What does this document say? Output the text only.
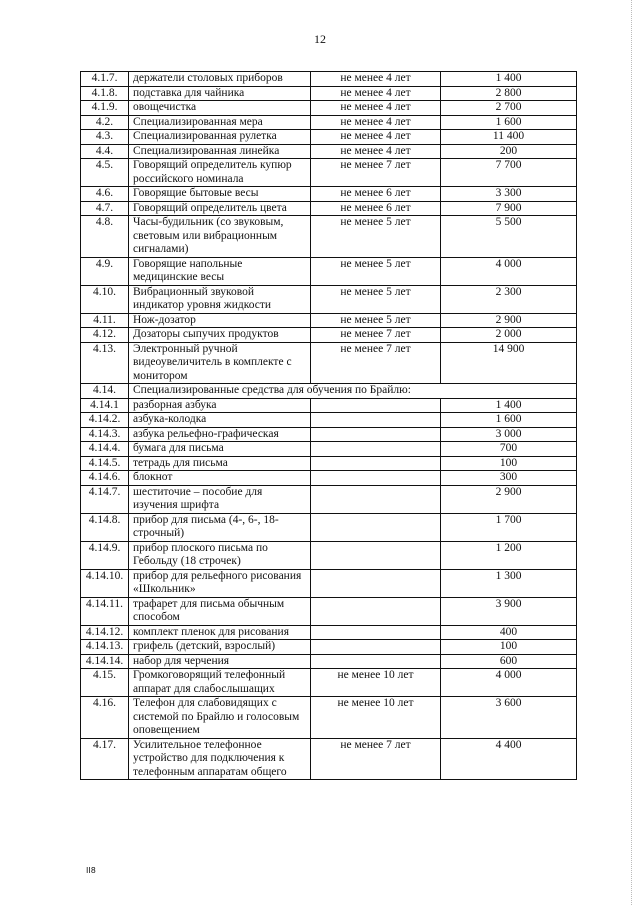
12
4.1.7.	держатели столовых приборов	не менее 4 лет	1 400
4.1.8.	подставка для чайника	не менее 4 лет	2 800
4.1.9.	овощечистка	не менее 4 лет	2 700
4.2.	Специализированная мера	не менее 4 лет	1 600
4.3.	Специализированная рулетка	не менее 4 лет	11 400
4.4.	Специализированная линейка	не менее 4 лет	200
4.5.	Говорящий определитель купюр российского номинала	не менее 7 лет	7 700
4.6.	Говорящие бытовые весы	не менее 6 лет	3 300
4.7.	Говорящий определитель цвета	не менее 6 лет	7 900
4.8.	Часы-будильник (со звуковым, световым или вибрационным сигналами)	не менее 5 лет	5 500
4.9.	Говорящие напольные медицинские весы	не менее 5 лет	4 000
4.10.	Вибрационный звуковой индикатор уровня жидкости	не менее 5 лет	2 300
4.11.	Нож-дозатор	не менее 5 лет	2 900
4.12.	Дозаторы сыпучих продуктов	не менее 7 лет	2 000
4.13.	Электронный ручной видеоувеличитель в комплекте с монитором	не менее 7 лет	14 900
4.14.	Специализированные средства для обучения по Брайлю:		
4.14.1	разборная азбука		1 400
4.14.2.	азбука-колодка		1 600
4.14.3.	азбука рельефно-графическая		3 000
4.14.4.	бумага для письма		700
4.14.5.	тетрадь для письма		100
4.14.6.	блокнот		300
4.14.7.	шеститочие – пособие для изучения шрифта		2 900
4.14.8.	прибор для письма (4-, 6-, 18-строчный)		1 700
4.14.9.	прибор плоского письма по Гебольду (18 строчек)		1 200
4.14.10.	прибор для рельефного рисования «Школьник»		1 300
4.14.11.	трафарет для письма обычным способом		3 900
4.14.12.	комплект пленок для рисования		400
4.14.13.	грифель (детский, взрослый)		100
4.14.14.	набор для черчения		600
4.15.	Громкоговорящий телефонный аппарат для слабослышащих	не менее 10 лет	4 000
4.16.	Телефон для слабовидящих с системой по Брайлю и голосовым оповещением	не менее 10 лет	3 600
4.17.	Усилительное телефонное устройство для подключения к телефонным аппаратам общего	не менее 7 лет	4 400
ІІ8
